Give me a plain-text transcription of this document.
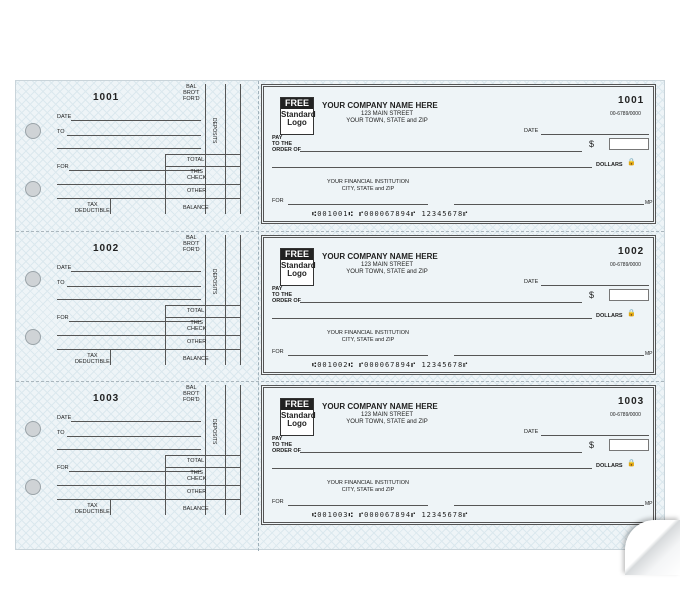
1001
BAL
BRO'T
FOR'D
DEPOSITS
DATE
TO
FOR
TOTAL
THIS
CHECK
OTHER
TAX
DEDUCTIBLE	BALANCE
FREE
Standard
Logo
YOUR COMPANY NAME HERE
123 MAIN STREET
YOUR TOWN, STATE and ZIP
1001
00-6789/0000
DATE
PAY
TO THE
ORDER OF
$
DOLLARS 🔒
YOUR FINANCIAL INSTITUTION
CITY, STATE and ZIP
FOR	MP
⑆001001⑆ ⑈000067894⑈ 12345678⑈
1002
BAL
BRO'T
FOR'D
DEPOSITS
DATE
TO
FOR
TOTAL
THIS
CHECK
OTHER
TAX
DEDUCTIBLE	BALANCE
FREE
Standard
Logo
YOUR COMPANY NAME HERE
123 MAIN STREET
YOUR TOWN, STATE and ZIP
1002
00-6789/0000
DATE
PAY
TO THE
ORDER OF
$
DOLLARS 🔒
YOUR FINANCIAL INSTITUTION
CITY, STATE and ZIP
FOR	MP
⑆001002⑆ ⑈000067894⑈ 12345678⑈
1003
BAL
BRO'T
FOR'D
DEPOSITS
DATE
TO
FOR
TOTAL
THIS
CHECK
OTHER
TAX
DEDUCTIBLE	BALANCE
FREE
Standard
Logo
YOUR COMPANY NAME HERE
123 MAIN STREET
YOUR TOWN, STATE and ZIP
1003
00-6789/0000
DATE
PAY
TO THE
ORDER OF
$
DOLLARS 🔒
YOUR FINANCIAL INSTITUTION
CITY, STATE and ZIP
FOR	MP
⑆001003⑆ ⑈000067894⑈ 12345678⑈
